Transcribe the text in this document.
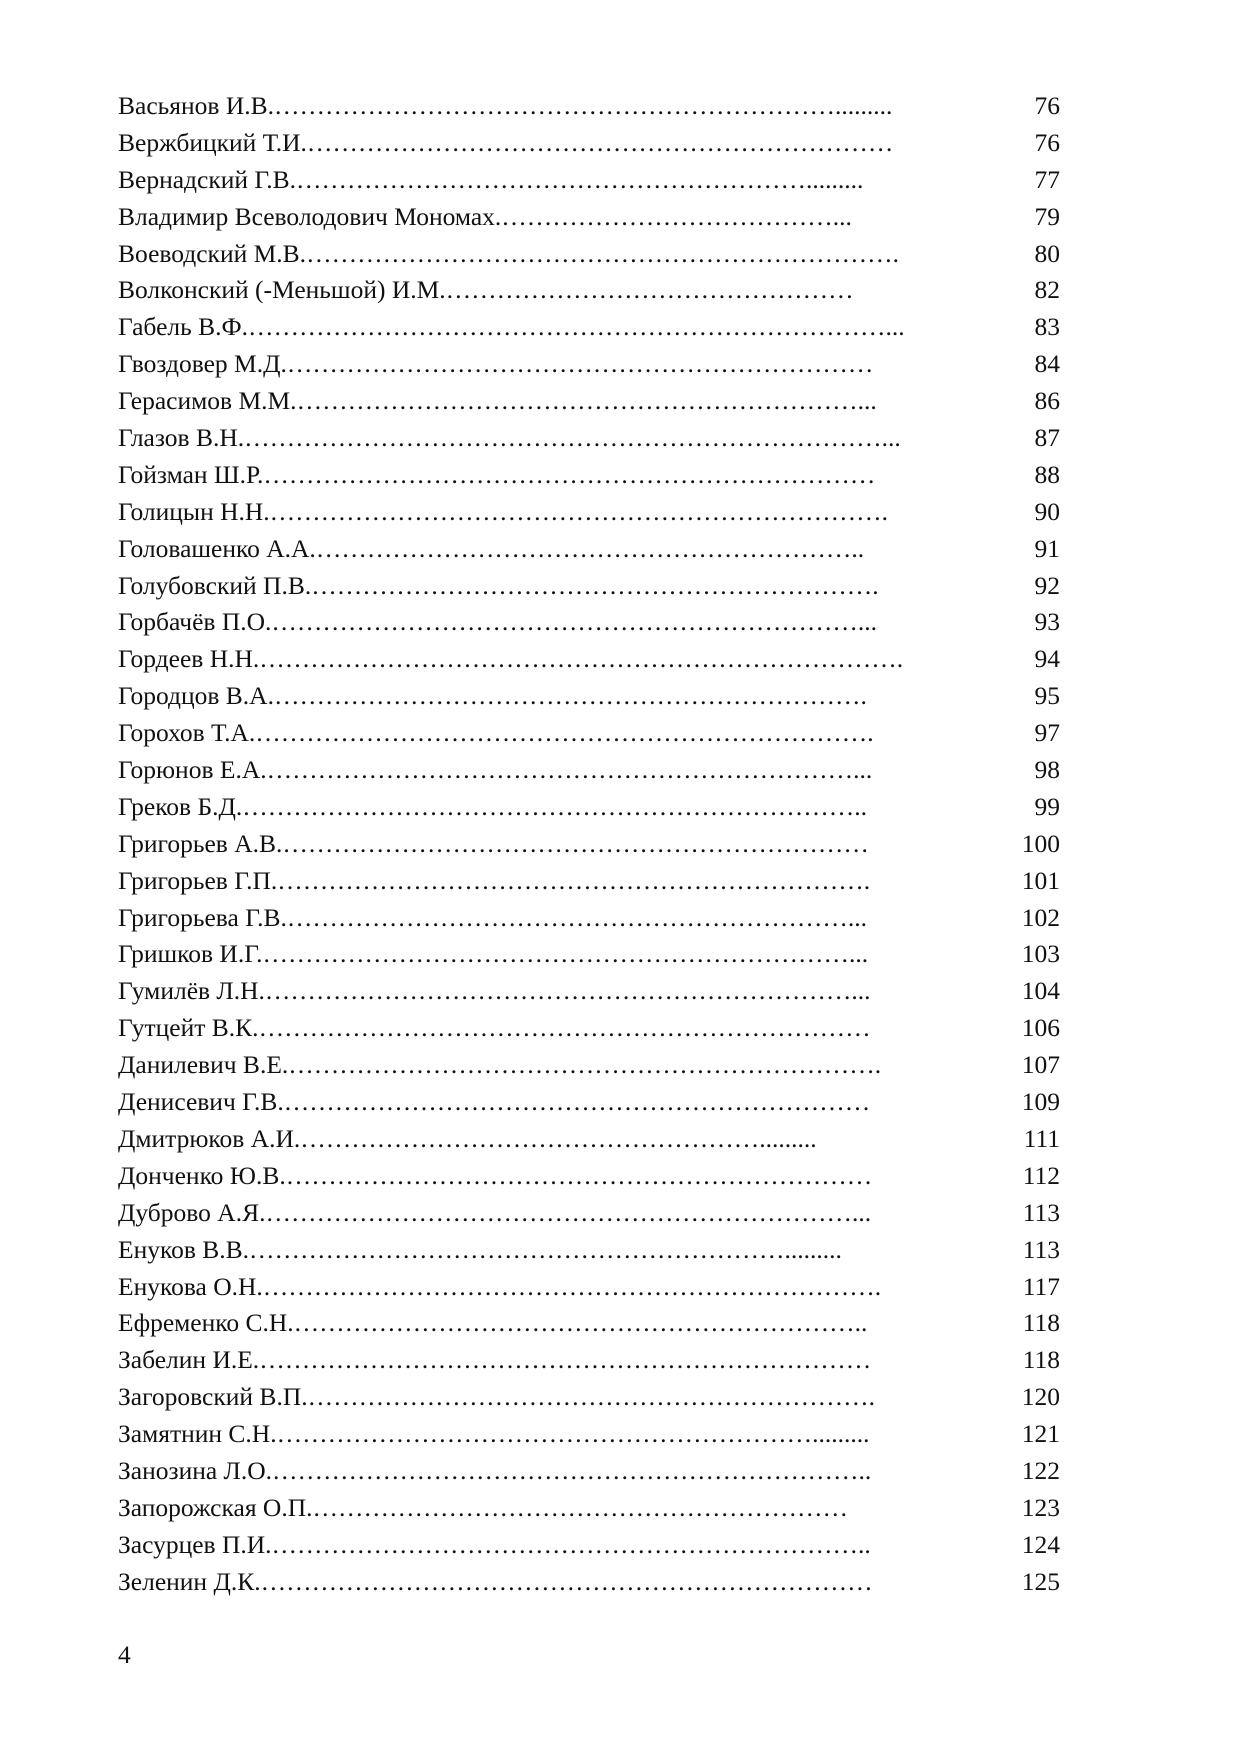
Васьянов И.В.………………………………………………………….........	76
Вержбицкий Т.И.……………………………………………………………	76
Вернадский Г.В.…………………………………………………….........	77
Владимир Всеволодович Мономах.…………………………………...	79
Воеводский М.В.…………………………………………………………….	80
Волконский (-Меньшой) И.М.…………………………………………	82
Габель В.Ф.…………………………………………………………………...	83
Гвоздовер М.Д.……………………………………………………………	84
Герасимов М.М.…………………………………………………………...	86
Глазов В.Н.…………………………………………………………………...	87
Гойзман Ш.Р.………………………………………………………………	88
Голицын Н.Н.……………………………………………………………….	90
Головашенко А.А.………………………………………………………..	91
Голубовский П.В.………………………………………………………….	92
Горбачёв П.О.……………………………………………………………...	93
Гордеев Н.Н.………………………………………………………………….	94
Городцов В.А.…………………………………………………………….	95
Горохов Т.А.……………………………………………………………….	97
Горюнов Е.А.……………………………………………………………...	98
Греков Б.Д.………………………………………………………………..	99
Григорьев А.В.……………………………………………………………	100
Григорьев Г.П.…………………………………………………………….	101
Григорьева Г.В.…………………………………………………………...	102
Гришков И.Г.……………………………………………………………...	103
Гумилёв Л.Н.……………………………………………………………...	104
Гутцейт В.К.………………………………………………………………	106
Данилевич В.Е.…………………………………………………………….	107
Денисевич Г.В.……………………………………………………………	109
Дмитрюков А.И.……………………………………………….........	111
Донченко Ю.В.……………………………………………………………	112
Дуброво А.Я.……………………………………………………………...	113
Енуков В.В.……………………………………………………….........	113
Енукова О.Н.……………………………………………………………….	117
Ефременко С.Н.…………………………………………………………..	118
Забелин И.Е.………………………………………………………………	118
Загоровский В.П.………………………………………………………….	120
Замятнин С.Н.……………………………………………………….........	121
Занозина Л.О.……………………………………………………………..	122
Запорожская О.П.………………………………………………………	123
Засурцев П.И.……………………………………………………………..	124
Зеленин Д.К.………………………………………………………………	125
4
